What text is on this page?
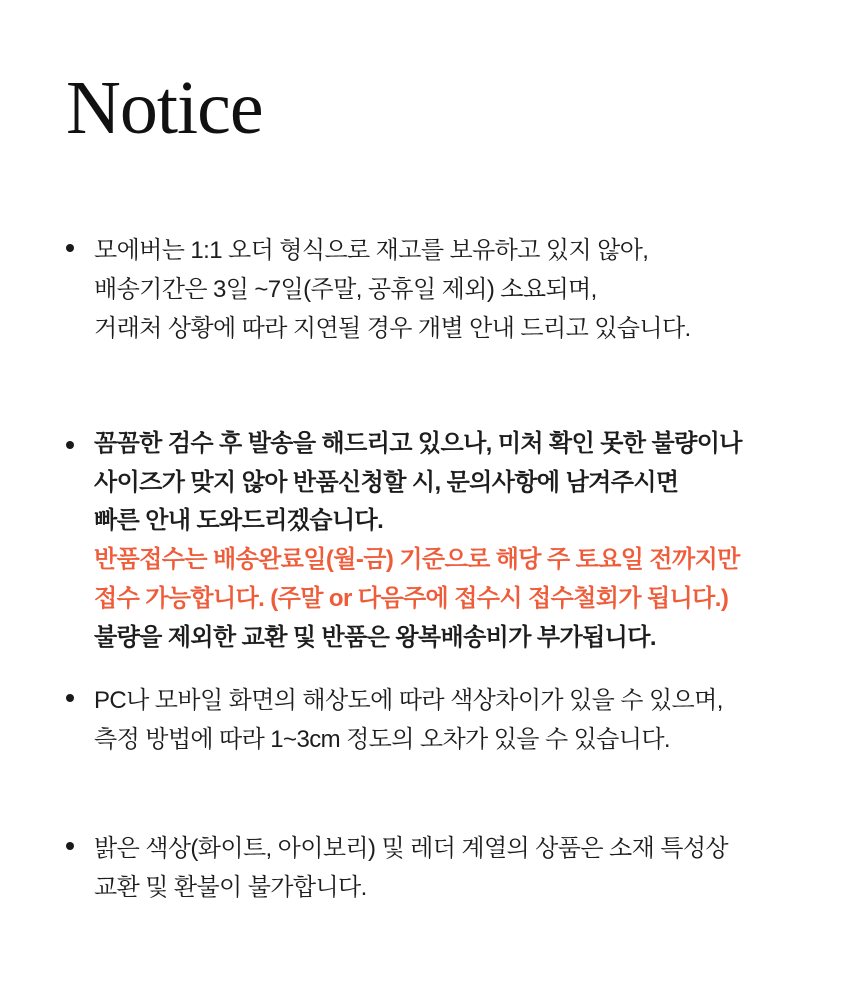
Notice
모에버는 1:1 오더 형식으로 재고를 보유하고 있지 않아,
배송기간은 3일 ~7일(주말, 공휴일 제외) 소요되며,
거래처 상황에 따라 지연될 경우 개별 안내 드리고 있습니다.
꼼꼼한 검수 후 발송을 해드리고 있으나, 미처 확인 못한 불량이나
사이즈가 맞지 않아 반품신청할 시, 문의사항에 남겨주시면
빠른 안내 도와드리겠습니다.
반품접수는 배송완료일(월-금) 기준으로 해당 주 토요일 전까지만
접수 가능합니다. (주말 or 다음주에 접수시 접수철회가 됩니다.)
불량을 제외한 교환 및 반품은 왕복배송비가 부가됩니다.
PC나 모바일 화면의 해상도에 따라 색상차이가 있을 수 있으며,
측정 방법에 따라 1~3cm 정도의 오차가 있을 수 있습니다.
밝은 색상(화이트, 아이보리) 및 레더 계열의 상품은 소재 특성상
교환 및 환불이 불가합니다.
